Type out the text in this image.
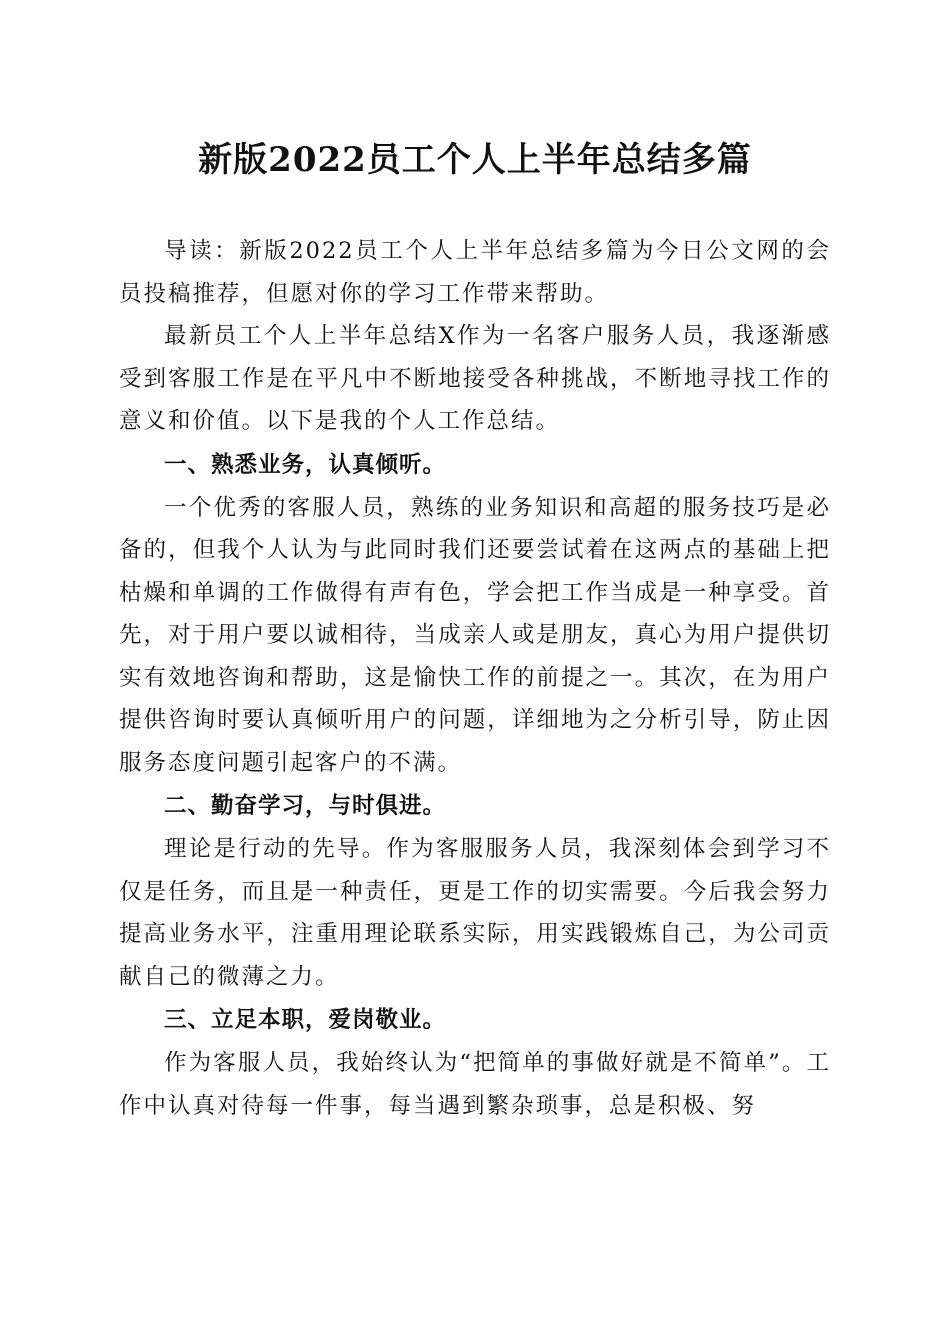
新版2022员工个人上半年总结多篇

导读：新版2022员工个人上半年总结多篇为今日公文网的会员投稿推荐，但愿对你的学习工作带来帮助。

最新员工个人上半年总结X作为一名客户服务人员，我逐渐感受到客服工作是在平凡中不断地接受各种挑战，不断地寻找工作的意义和价值。以下是我的个人工作总结。

一、熟悉业务，认真倾听。

一个优秀的客服人员，熟练的业务知识和高超的服务技巧是必备的，但我个人认为与此同时我们还要尝试着在这两点的基础上把枯燥和单调的工作做得有声有色，学会把工作当成是一种享受。首先，对于用户要以诚相待，当成亲人或是朋友，真心为用户提供切实有效地咨询和帮助，这是愉快工作的前提之一。其次，在为用户提供咨询时要认真倾听用户的问题，详细地为之分析引导，防止因服务态度问题引起客户的不满。

二、勤奋学习，与时俱进。

理论是行动的先导。作为客服服务人员，我深刻体会到学习不仅是任务，而且是一种责任，更是工作的切实需要。今后我会努力提高业务水平，注重用理论联系实际，用实践锻炼自己，为公司贡献自己的微薄之力。

三、立足本职，爱岗敬业。

作为客服人员，我始终认为“把简单的事做好就是不简单”。工作中认真对待每一件事，每当遇到繁杂琐事，总是积极、努
